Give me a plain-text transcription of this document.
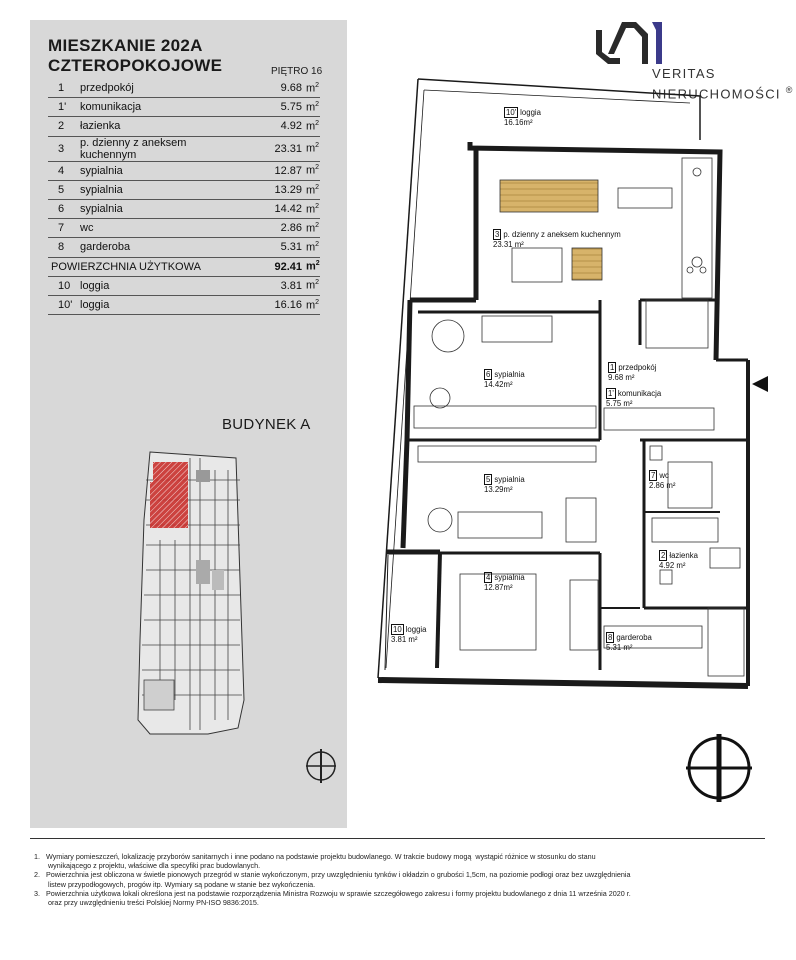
MIESZKANIE 202A
CZTEROPOKOJOWE	PIĘTRO 16
1	przedpokój	9.68	$m^2$
1'	komunikacja	5.75	$m^2$
2	łazienka	4.92	$m^2$
3	p. dzienny z aneksem kuchennym	23.31	$m^2$
4	sypialnia	12.87	$m^2$
5	sypialnia	13.29	$m^2$
6	sypialnia	14.42	$m^2$
7	wc	2.86	$m^2$
8	garderoba	5.31	$m^2$
POWIERZCHNIA UŻYTKOWA		92.41	$m^2$
10	loggia	3.81	$m^2$
10'	loggia	16.16	$m^2$
BUDYNEK A
VERITAS
NIERUCHOMOŚCI ®
10' loggia
16.16m²
3 p. dzienny z aneksem kuchennym
23.31 m²
6 sypialnia
14.42m²
5 sypialnia
13.29m²
4 sypialnia
12.87m²
1 przedpokój
9.68 m²
1' komunikacja
5.75 m²
7 wc
2.86 m²
2 łazienka
4.92 m²
8 garderoba
5.31 m²
10 loggia
3.81 m²
1.   Wymiary pomieszczeń, lokalizację przyborów sanitarnych i inne podano na podstawie projektu budowlanego. W trakcie budowy mogą  wystąpić różnice w stosunku do stanu
wynikającego z projektu, właściwe dla specyfiki prac budowlanych.
2.   Powierzchnia jest obliczona w świetle pionowych przegród w stanie wykończonym, przy uwzględnieniu tynków i okładzin o grubości 1,5cm, na poziomie podłogi oraz bez uwzględnienia
listew przypodłogowych, progów itp. Wymiary są podane w stanie bez wykończenia.
3.   Powierzchnia użytkowa lokali określona jest na podstawie rozporządzenia Ministra Rozwoju w sprawie szczegółowego zakresu i formy projektu budowlanego z dnia 11 września 2020 r.
oraz przy uwzględnieniu treści Polskiej Normy PN-ISO 9836:2015.
